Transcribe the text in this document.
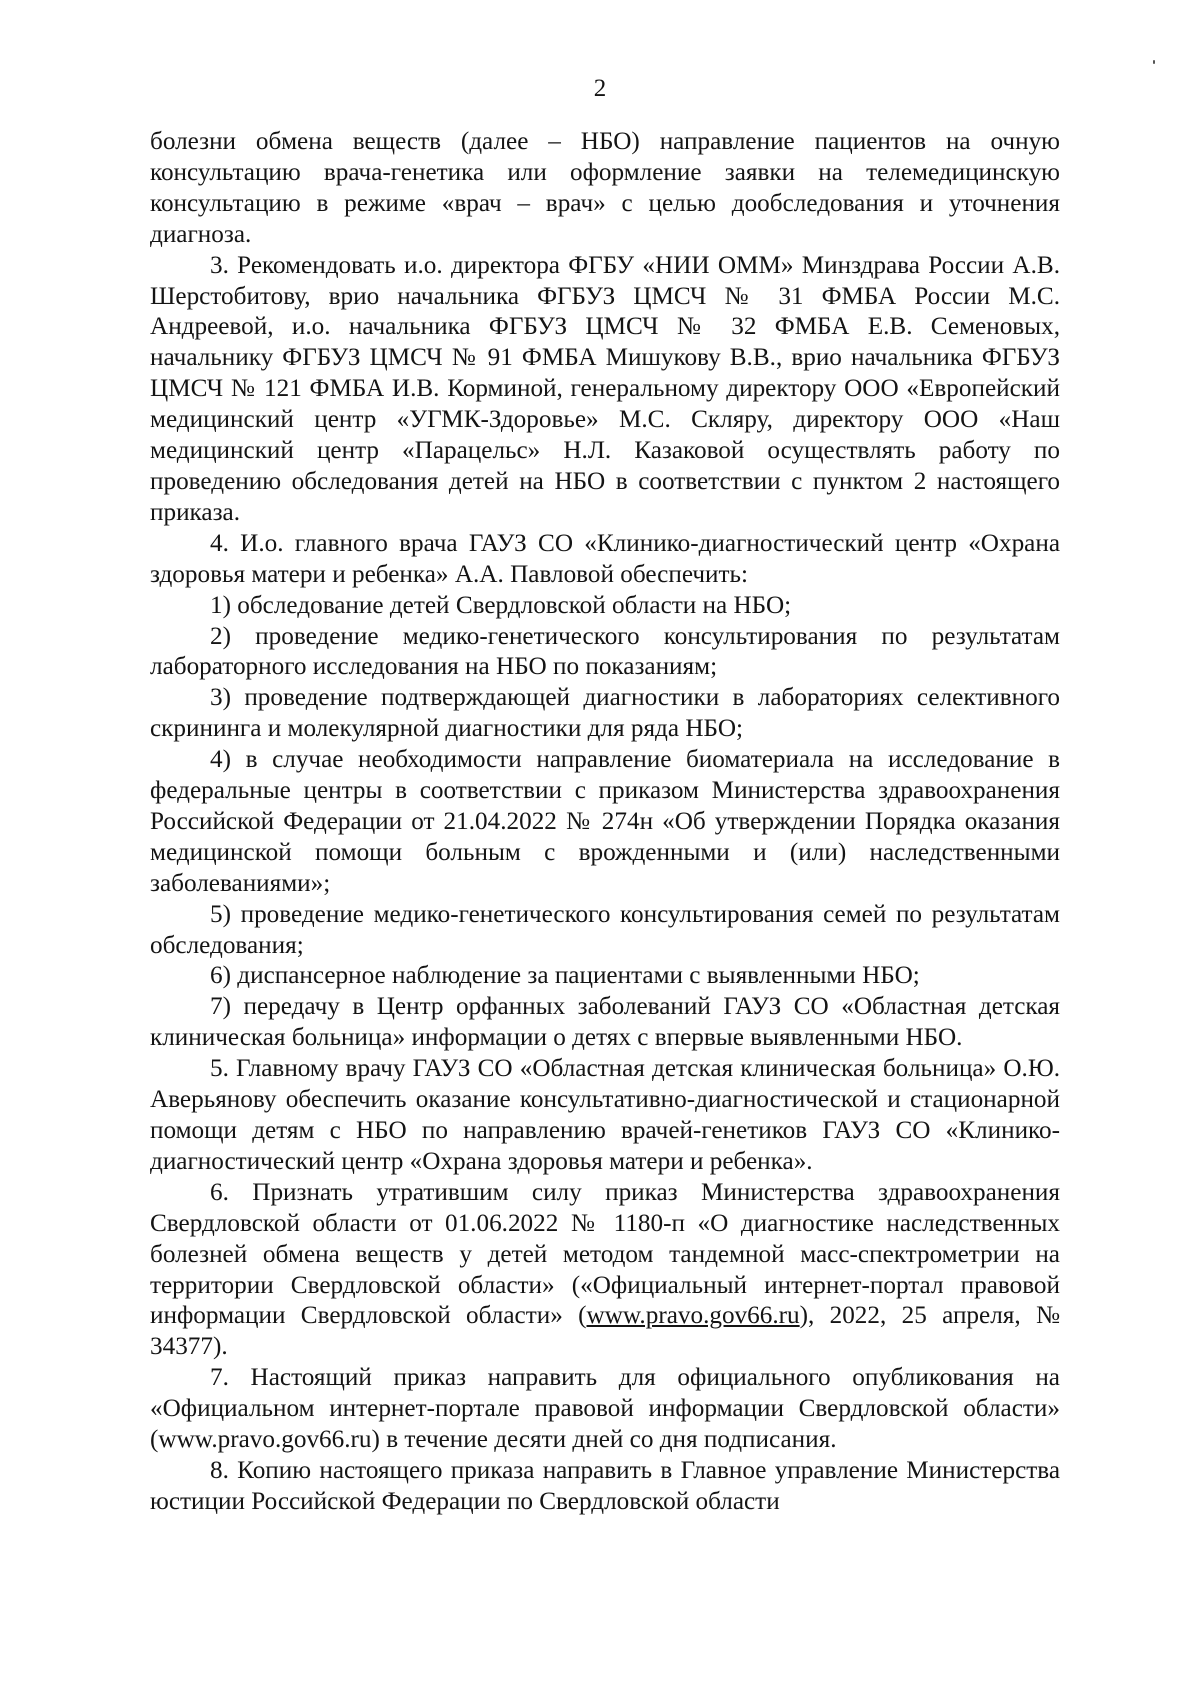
2

болезни обмена веществ (далее – НБО) направление пациентов на очную консультацию врача-генетика или оформление заявки на телемедицинскую консультацию в режиме «врач – врач» с целью дообследования и уточнения диагноза.

3. Рекомендовать и.о. директора ФГБУ «НИИ ОММ» Минздрава России А.В. Шерстобитову, врио начальника ФГБУЗ ЦМСЧ № 31 ФМБА России М.С. Андреевой, и.о. начальника ФГБУЗ ЦМСЧ № 32 ФМБА Е.В. Семеновых, начальнику ФГБУЗ ЦМСЧ № 91 ФМБА Мишукову В.В., врио начальника ФГБУЗ ЦМСЧ № 121 ФМБА И.В. Корминой, генеральному директору ООО «Европейский медицинский центр «УГМК-Здоровье» М.С. Скляру, директору ООО «Наш медицинский центр «Парацельс» Н.Л. Казаковой осуществлять работу по проведению обследования детей на НБО в соответствии с пунктом 2 настоящего приказа.

4. И.о. главного врача ГАУЗ СО «Клинико-диагностический центр «Охрана здоровья матери и ребенка» А.А. Павловой обеспечить:

1) обследование детей Свердловской области на НБО;

2) проведение медико-генетического консультирования по результатам лабораторного исследования на НБО по показаниям;

3) проведение подтверждающей диагностики в лабораториях селективного скрининга и молекулярной диагностики для ряда НБО;

4) в случае необходимости направление биоматериала на исследование в федеральные центры в соответствии с приказом Министерства здравоохранения Российской Федерации от 21.04.2022 № 274н «Об утверждении Порядка оказания медицинской помощи больным с врожденными и (или) наследственными заболеваниями»;

5) проведение медико-генетического консультирования семей по результатам обследования;

6) диспансерное наблюдение за пациентами с выявленными НБО;

7) передачу в Центр орфанных заболеваний ГАУЗ СО «Областная детская клиническая больница» информации о детях с впервые выявленными НБО.

5. Главному врачу ГАУЗ СО «Областная детская клиническая больница» О.Ю. Аверьянову обеспечить оказание консультативно-диагностической и стационарной помощи детям с НБО по направлению врачей-генетиков ГАУЗ СО «Клинико-диагностический центр «Охрана здоровья матери и ребенка».

6. Признать утратившим силу приказ Министерства здравоохранения Свердловской области от 01.06.2022 № 1180-п «О диагностике наследственных болезней обмена веществ у детей методом тандемной масс-спектрометрии на территории Свердловской области» («Официальный интернет-портал правовой информации Свердловской области» (www.pravo.gov66.ru), 2022, 25 апреля, № 34377).

7. Настоящий приказ направить для официального опубликования на «Официальном интернет-портале правовой информации Свердловской области» (www.pravo.gov66.ru) в течение десяти дней со дня подписания.

8. Копию настоящего приказа направить в Главное управление Министерства юстиции Российской Федерации по Свердловской области
